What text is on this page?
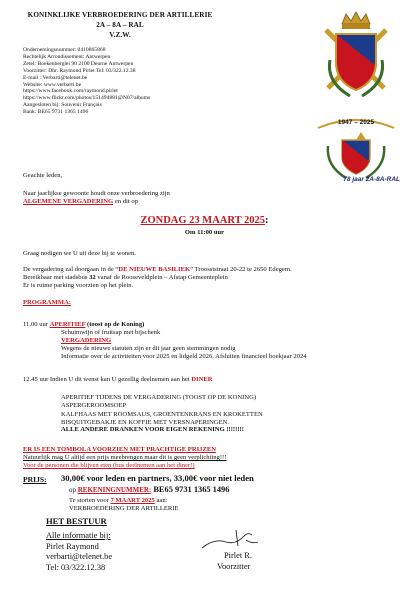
KONINKLIJKE VERBROEDERING DER ARTILLERIE
2A – 8A – RAL
V.Z.W.
Ondernemingsnummer: 0410865868
Rechtelijk Arrondissement: Antwerpen
Zetel: Boekenberglei 90 2100 Deurne Antwerpen
Voorzitter: Dhr. Raymond Pirlet Tel: 03/322.12.38
E-mail : Verbarti@telenet.be
Website: www.verbarti.be
https://www.facebook.com/raymond.pirlet
https://www.flickr.com/photos/151494881@N07/albums
Aangesloten bij: Souvenir Français
Bank: BE65 9731 1365 1496
1947 – 2025
78 jaar 2A-8A-RAL
Geachte leden,
Naar jaarlijkse gewoonte houdt onze verbroedering zijn
ALGEMENE VERGADERING en dit op
ZONDAG 23 MAART 2025:
Om 11:00 uur
Graag nodigen we U uit deze bij te wonen.
De vergadering zal doorgaan in de “DE NIEUWE BASILIEK” Troosststraat 20-22 te 2650 Edegem.
Bereikbaar met stadsbus 32 vanaf de Rooseveldplein – Afstap Gemeenteplein
Er is ruime parking voorzien op het plein.
PROGRAMMA:
11.00 uur APERITIEF (toost op de Koning)
Schuimwijn of fruitsap met bijschenk
VERGADERING
Wegens de nieuwe statuten zijn er dit jaar geen stemmingen nodig
Informatie over de activiteiten voor 2025 en lidgeld 2026. Afsluiten financieel boekjaar 2024
12.45 uur Indien U dit wenst kan U gezellig deelnemen aan het DINER
APERITIEF TIJDENS DE VERGADERING (TOOST OP DE KONING)
ASPERGEROOMSOEP
KALFHAAS MET ROOMSAUS, GROENTENKRANS EN KROKETTEN
BISQUITGEBAKJE EN KOFFIE MET VERSNAPERINGEN.
ALLE ANDERE DRANKEN VOOR EIGEN REKENING !!!!!!!!
ER IS EEN TOMBOLA VOORZIEN MET PRACHTIGE PRIJZEN
Natuurlijk mag U altijd een prijs meebrengen maar dit is geen verplichting!!!
Voor de personen die blijven eten (bus deelnemen aan het diner!)
PRIJS: 30,00€ voor leden en partners, 33,00€ voor niet leden
op REKENINGNUMMER: BE65 9731 1365 1496
Te storten voor 7 MAART 2025 aan:
VERBROEDERING DER ARTILLERIE
HET BESTUUR
Alle informatie bij:
Pirlet Raymond
verbarti@telenet.be
Tel: 03/322.12.38
Pirlet R.
Voorzitter
